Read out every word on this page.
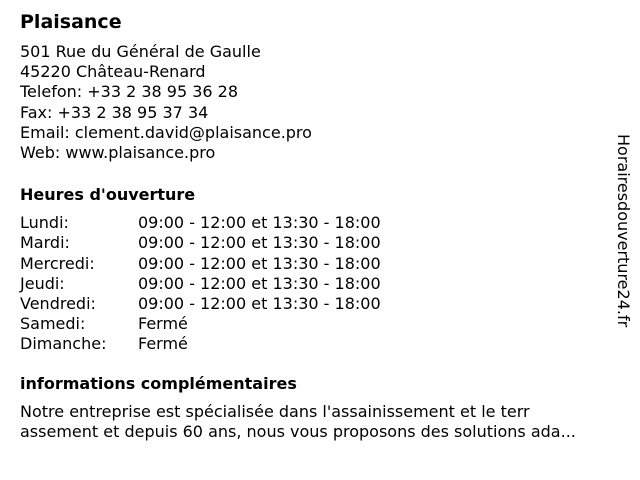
Plaisance
501 Rue du Général de Gaulle
45220 Château-Renard
Telefon: +33 2 38 95 36 28
Fax: +33 2 38 95 37 34
Email: clement.david@plaisance.pro
Web: www.plaisance.pro
Heures d'ouverture
Lundi:	09:00 - 12:00 et 13:30 - 18:00
Mardi:	09:00 - 12:00 et 13:30 - 18:00
Mercredi:	09:00 - 12:00 et 13:30 - 18:00
Jeudi:	09:00 - 12:00 et 13:30 - 18:00
Vendredi:	09:00 - 12:00 et 13:30 - 18:00
Samedi:	Fermé
Dimanche:	Fermé
informations complémentaires
Notre entreprise est spécialisée dans l'assainissement et le terr
assement et depuis 60 ans, nous vous proposons des solutions ada...
Horairesdouverture24.fr
